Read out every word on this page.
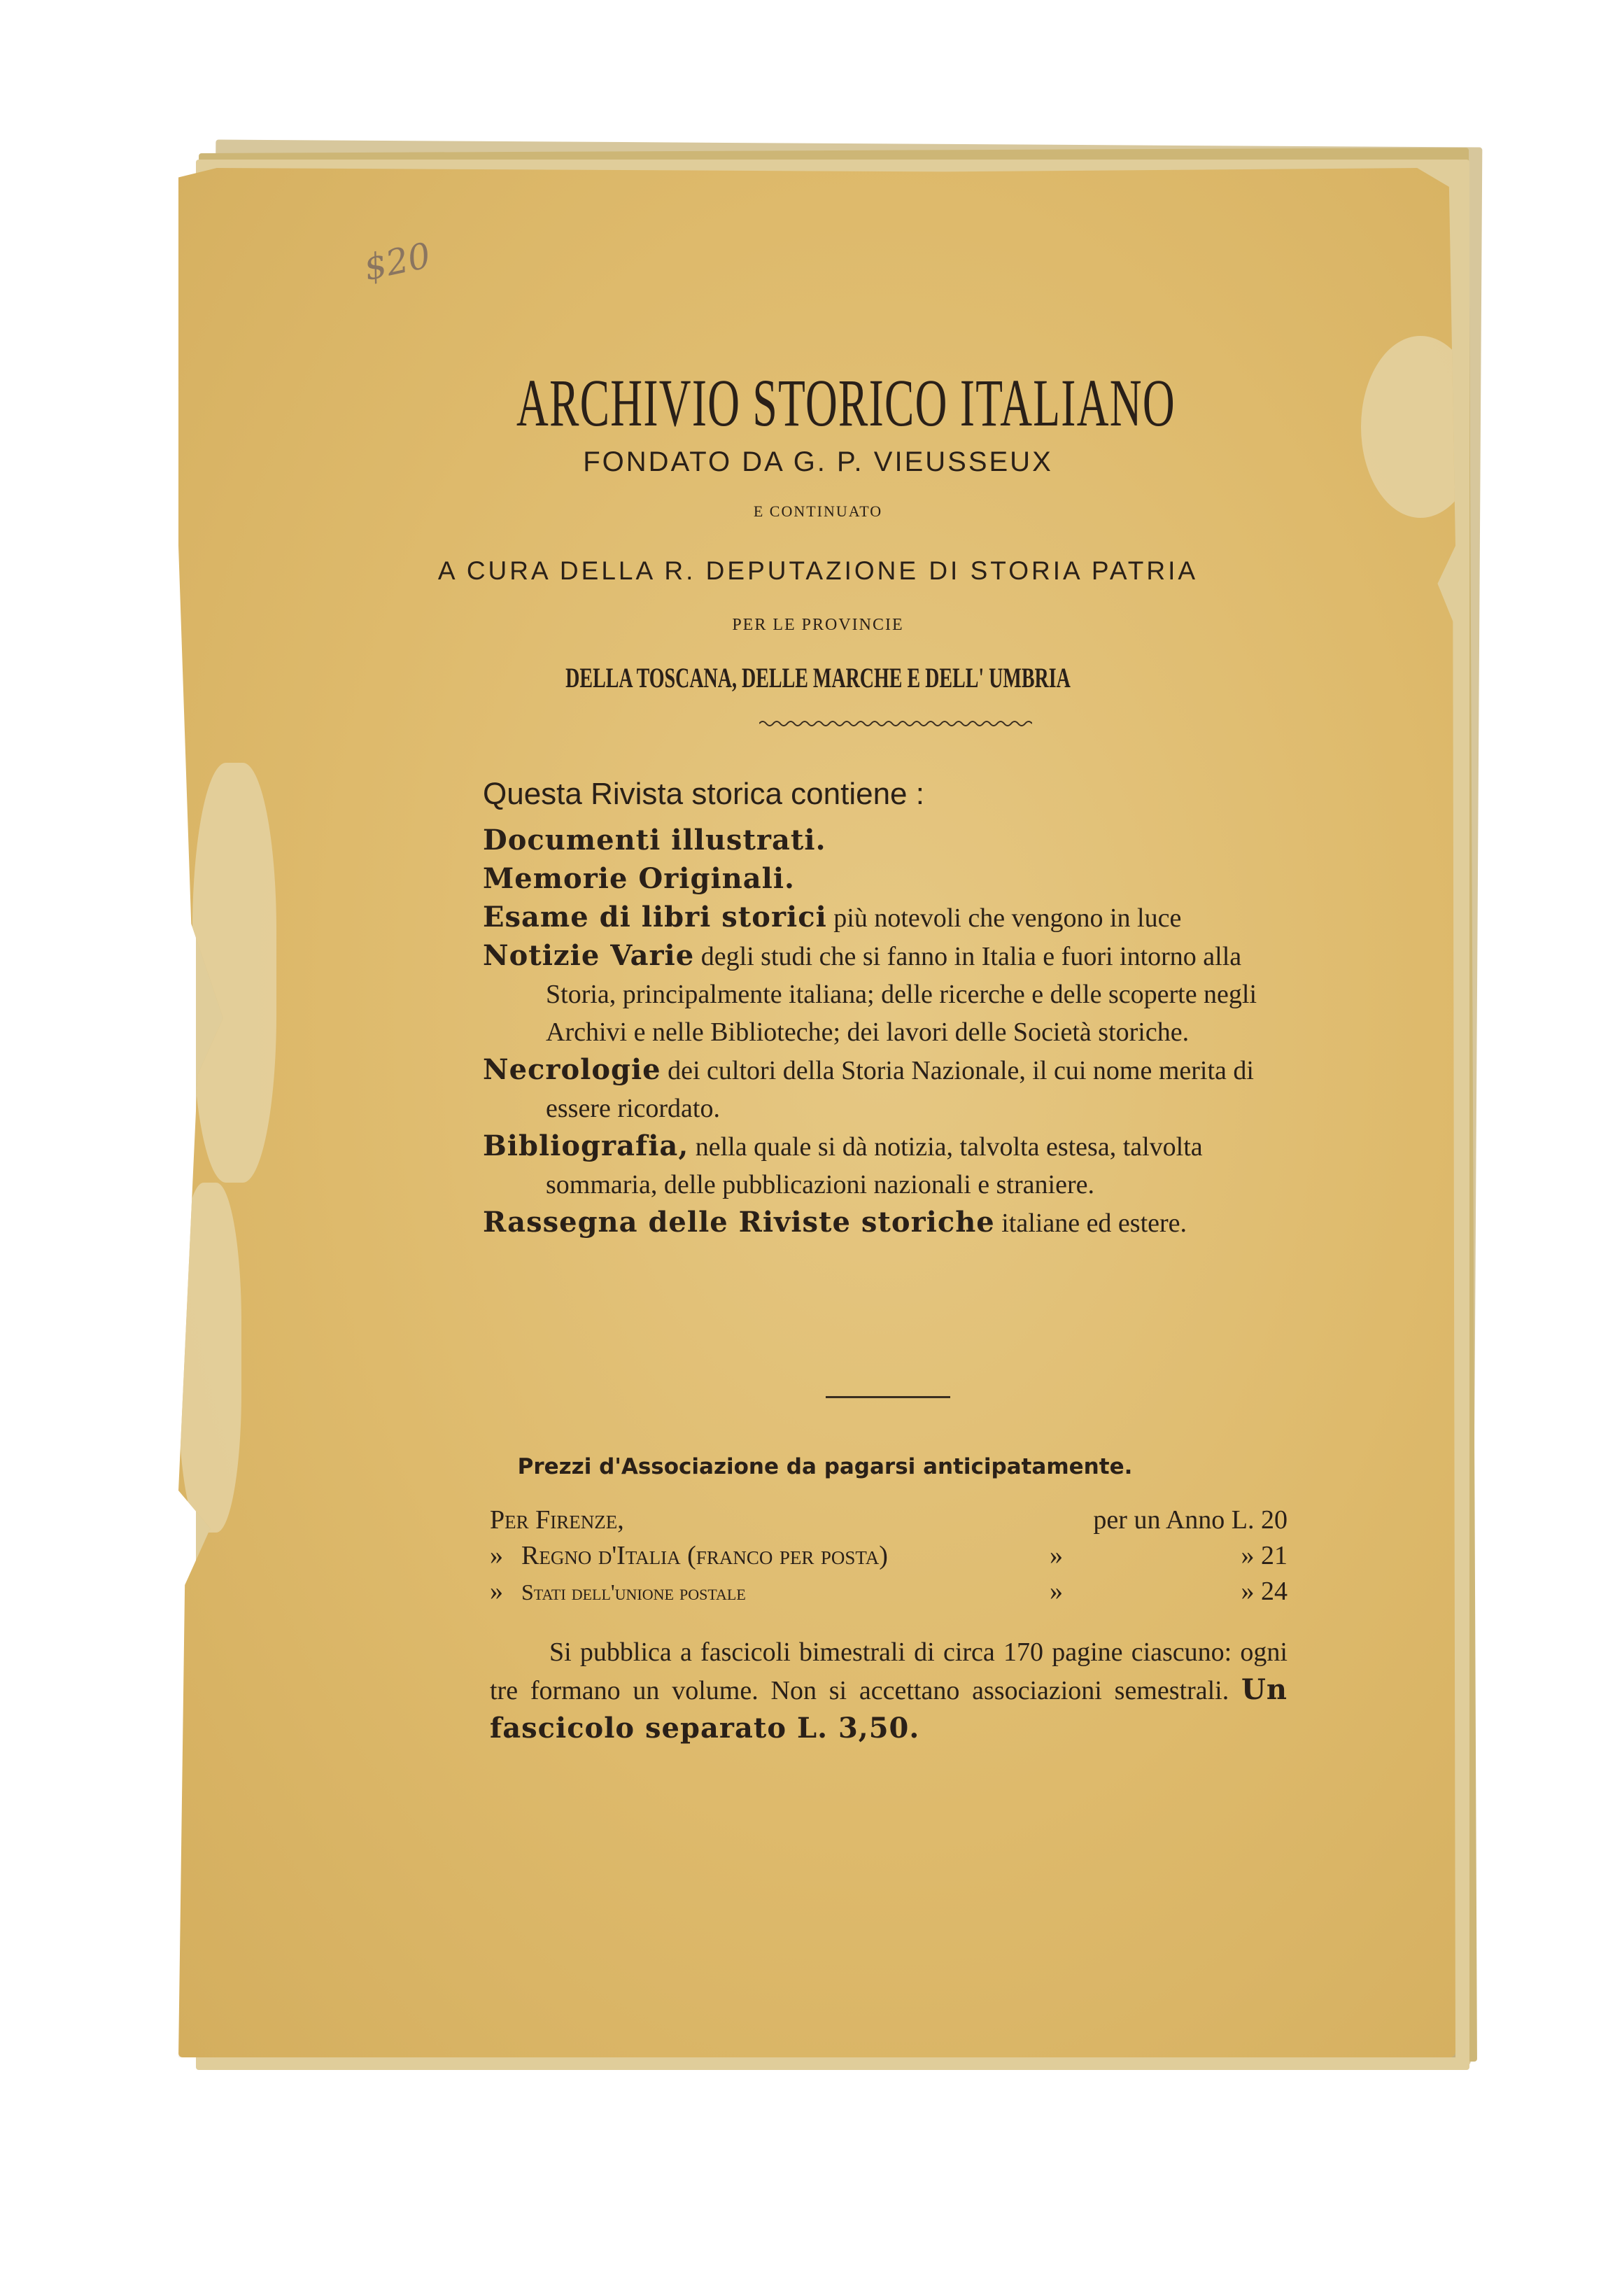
$20
ARCHIVIO STORICO ITALIANO
FONDATO DA G. P. VIEUSSEUX
E CONTINUATO
A CURA DELLA R. DEPUTAZIONE DI STORIA PATRIA
PER LE PROVINCIE
DELLA TOSCANA, DELLE MARCHE E DELL' UMBRIA
Questa Rivista storica contiene :
Documenti illustrati.
Memorie Originali.
Esame di libri storici più notevoli che vengono in luce
Notizie Varie degli studi che si fanno in Italia e fuori intorno alla Storia, principalmente italiana; delle ricerche e delle scoperte negli Archivi e nelle Biblioteche; dei lavori delle Società storiche.
Necrologie dei cultori della Storia Nazionale, il cui nome merita di essere ricordato.
Bibliografia, nella quale si dà notizia, talvolta estesa, talvolta sommaria, delle pubblicazioni nazionali e straniere.
Rassegna delle Riviste storiche italiane ed estere.
Prezzi d'Associazione da pagarsi anticipatamente.
Per Firenze,	per un Anno L. 20
» Regno d'Italia (franco per posta)	»	» 21
» Stati dell'unione postale	»	» 24
Si pubblica a fascicoli bimestrali di circa 170 pagine ciascuno: ogni tre formano un volume. Non si accettano associazioni semestrali. Un fascicolo separato L. 3,50.
